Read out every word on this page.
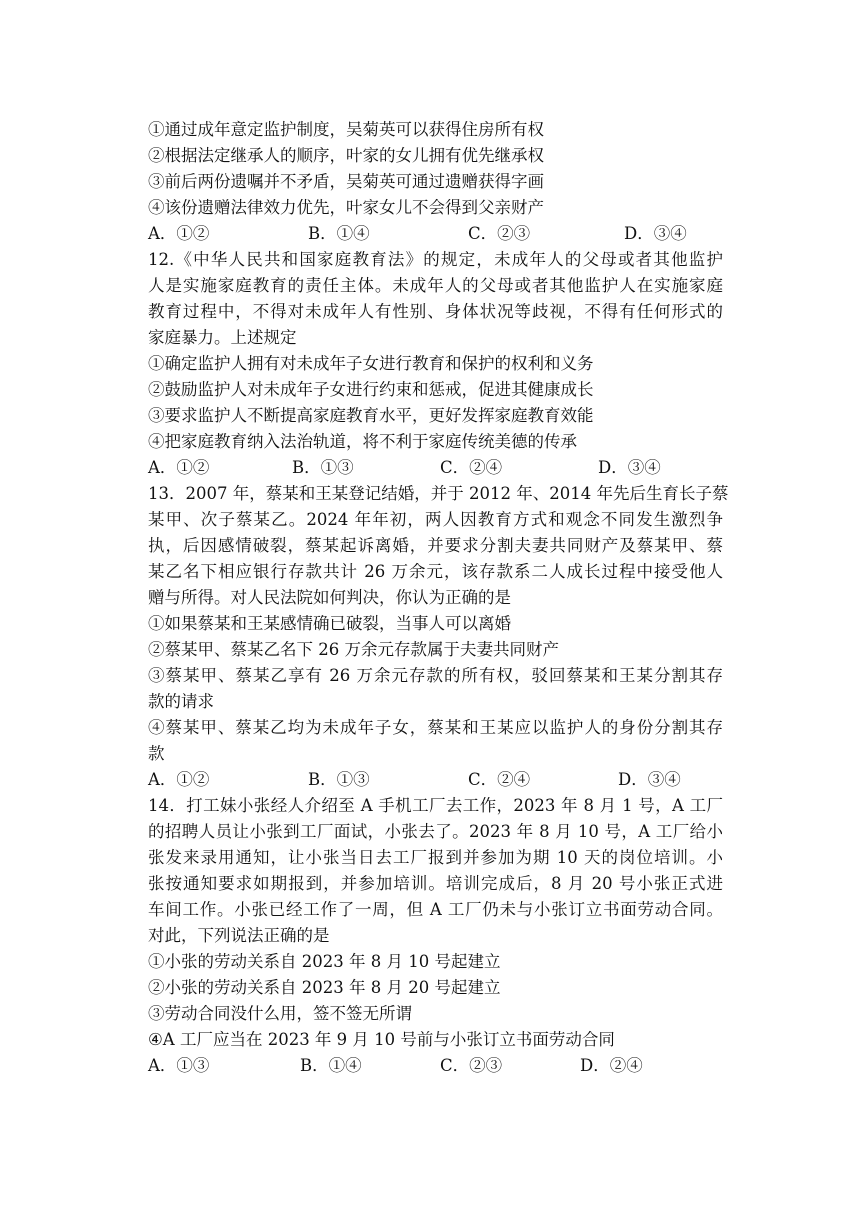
①通过成年意定监护制度，吴菊英可以获得住房所有权
②根据法定继承人的顺序，叶家的女儿拥有优先继承权
③前后两份遗嘱并不矛盾，吴菊英可通过遗赠获得字画
④该份遗赠法律效力优先，叶家女儿不会得到父亲财产
A．①②	B．①④	C．②③	D．③④
12.《中华人民共和国家庭教育法》的规定，未成年人的父母或者其他监护
人是实施家庭教育的责任主体。未成年人的父母或者其他监护人在实施家庭
教育过程中，不得对未成年人有性别、身体状况等歧视，不得有任何形式的
家庭暴力。上述规定
①确定监护人拥有对未成年子女进行教育和保护的权利和义务
②鼓励监护人对未成年子女进行约束和惩戒，促进其健康成长
③要求监护人不断提高家庭教育水平，更好发挥家庭教育效能
④把家庭教育纳入法治轨道，将不利于家庭传统美德的传承
A．①②	B．①③	C．②④	D．③④
13．2007 年，蔡某和王某登记结婚，并于 2012 年、2014 年先后生育长子蔡
某甲、次子蔡某乙。2024 年年初，两人因教育方式和观念不同发生激烈争
执，后因感情破裂，蔡某起诉离婚，并要求分割夫妻共同财产及蔡某甲、蔡
某乙名下相应银行存款共计 26 万余元，该存款系二人成长过程中接受他人
赠与所得。对人民法院如何判决，你认为正确的是
①如果蔡某和王某感情确已破裂，当事人可以离婚
②蔡某甲、蔡某乙名下 26 万余元存款属于夫妻共同财产
③蔡某甲、蔡某乙享有 26 万余元存款的所有权，驳回蔡某和王某分割其存
款的请求
④蔡某甲、蔡某乙均为未成年子女，蔡某和王某应以监护人的身份分割其存
款
A．①②	B．①③	C．②④	D．③④
14．打工妹小张经人介绍至 A 手机工厂去工作，2023 年 8 月 1 号，A 工厂
的招聘人员让小张到工厂面试，小张去了。2023 年 8 月 10 号，A 工厂给小
张发来录用通知，让小张当日去工厂报到并参加为期 10 天的岗位培训。小
张按通知要求如期报到，并参加培训。培训完成后，8 月 20 号小张正式进
车间工作。小张已经工作了一周，但 A 工厂仍未与小张订立书面劳动合同。
对此，下列说法正确的是
①小张的劳动关系自 2023 年 8 月 10 号起建立
②小张的劳动关系自 2023 年 8 月 20 号起建立
③劳动合同没什么用，签不签无所谓
④A 工厂应当在 2023 年 9 月 10 号前与小张订立书面劳动合同
A．①③	B．①④	C．②③	D．②④
